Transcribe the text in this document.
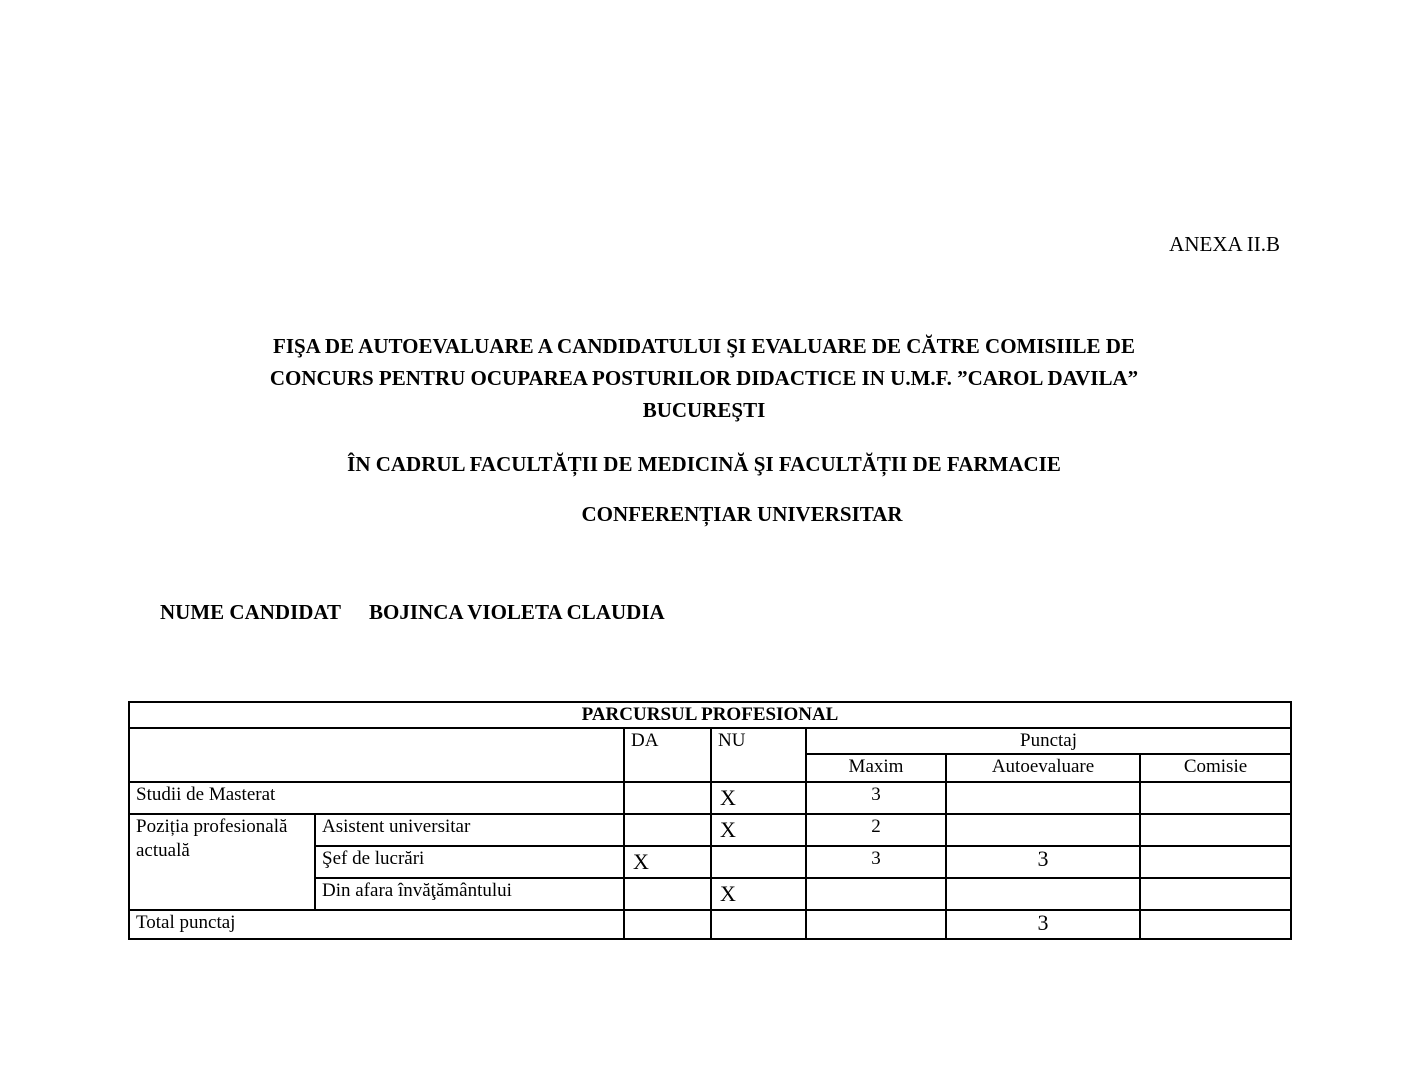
ANEXA II.B
FIŞA DE AUTOEVALUARE A CANDIDATULUI ŞI EVALUARE DE CĂTRE COMISIILE DE
CONCURS PENTRU OCUPAREA POSTURILOR DIDACTICE IN U.M.F. ”CAROL DAVILA”
BUCUREŞTI
ÎN CADRUL FACULTĂȚII DE MEDICINĂ ŞI FACULTĂȚII DE FARMACIE
CONFERENȚIAR UNIVERSITAR
NUME CANDIDAT BOJINCA VIOLETA CLAUDIA
PARCURSUL PROFESIONAL						
		DA	NU	Punctaj		
				Maxim	Autoevaluare	Comisie
Studii de Masterat			X	3		
Poziția profesională actuală	Asistent universitar		X	2		
	Şef de lucrări	X		3	3	
	Din afara învăţământului		X			
Total punctaj					3	
